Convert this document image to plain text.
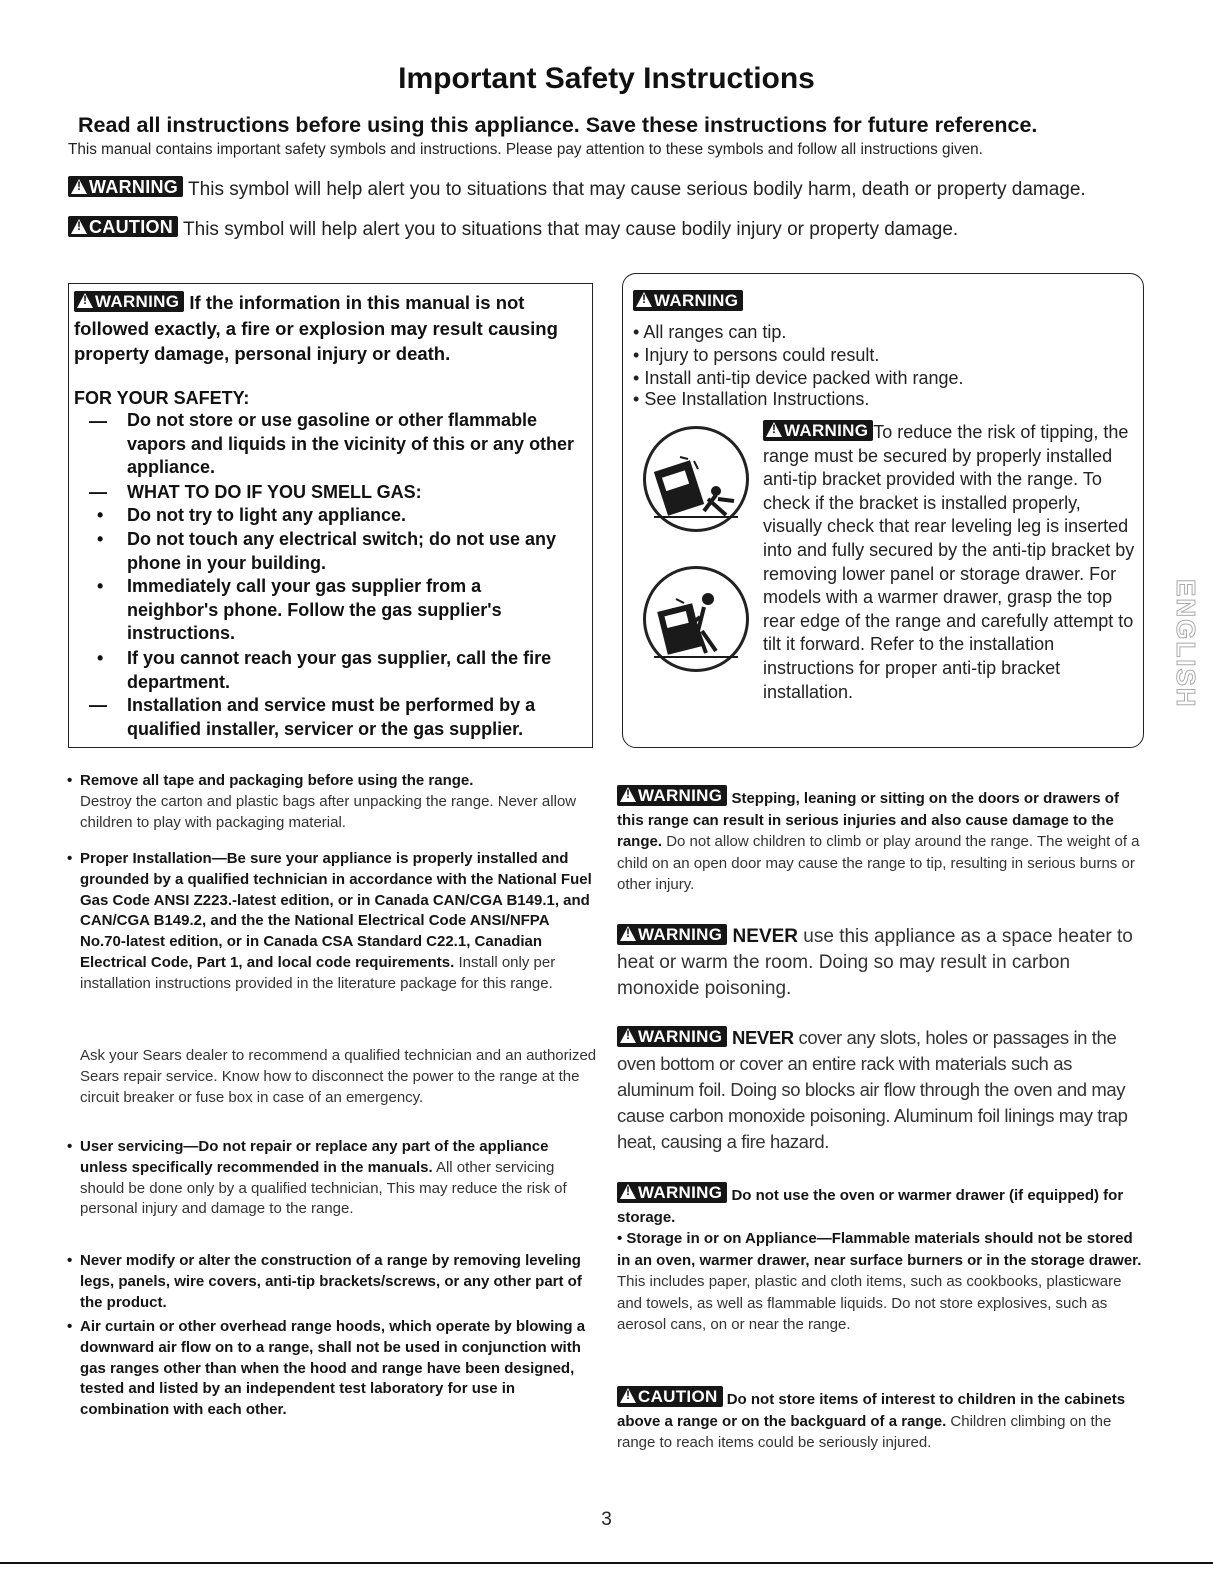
Important Safety Instructions
Read all instructions before using this appliance. Save these instructions for future reference.
This manual contains important safety symbols and instructions. Please pay attention to these symbols and follow all instructions given.
!WARNING This symbol will help alert you to situations that may cause serious bodily harm, death or property damage.
!CAUTION This symbol will help alert you to situations that may cause bodily injury or property damage.
!WARNING If the information in this manual is not followed exactly, a fire or explosion may result causing property damage, personal injury or death.
FOR YOUR SAFETY:
— Do not store or use gasoline or other flammable vapors and liquids in the vicinity of this or any other appliance.
— WHAT TO DO IF YOU SMELL GAS:
• Do not try to light any appliance.
• Do not touch any electrical switch; do not use any phone in your building.
• Immediately call your gas supplier from a neighbor's phone. Follow the gas supplier's instructions.
• If you cannot reach your gas supplier, call the fire department.
— Installation and service must be performed by a qualified installer, servicer or the gas supplier.
!WARNING
• All ranges can tip.
• Injury to persons could result.
• Install anti-tip device packed with range.
• See Installation Instructions.
!WARNING To reduce the risk of tipping, the range must be secured by properly installed anti-tip bracket provided with the range. To check if the bracket is installed properly, visually check that rear leveling leg is inserted into and fully secured by the anti-tip bracket by removing lower panel or storage drawer. For models with a warmer drawer, grasp the top rear edge of the range and carefully attempt to tilt it forward. Refer to the installation instructions for proper anti-tip bracket installation.	ENGLISH
• Remove all tape and packaging before using the range.
Destroy the carton and plastic bags after unpacking the range. Never allow children to play with packaging material.
• Proper Installation—Be sure your appliance is properly installed and grounded by a qualified technician in accordance with the National Fuel Gas Code ANSI Z223.-latest edition, or in Canada CAN/CGA B149.1, and CAN/CGA B149.2, and the the National Electrical Code ANSI/NFPA No.70-latest edition, or in Canada CSA Standard C22.1, Canadian Electrical Code, Part 1, and local code requirements. Install only per installation instructions provided in the literature package for this range.
Ask your Sears dealer to recommend a qualified technician and an authorized Sears repair service. Know how to disconnect the power to the range at the circuit breaker or fuse box in case of an emergency.
• User servicing—Do not repair or replace any part of the appliance unless specifically recommended in the manuals. All other servicing should be done only by a qualified technician, This may reduce the risk of personal injury and damage to the range.
• Never modify or alter the construction of a range by removing leveling legs, panels, wire covers, anti-tip brackets/screws, or any other part of the product.
• Air curtain or other overhead range hoods, which operate by blowing a downward air flow on to a range, shall not be used in conjunction with gas ranges other than when the hood and range have been designed, tested and listed by an independent test laboratory for use in combination with each other.
!WARNING Stepping, leaning or sitting on the doors or drawers of this range can result in serious injuries and also cause damage to the range. Do not allow children to climb or play around the range. The weight of a child on an open door may cause the range to tip, resulting in serious burns or other injury.
!WARNING NEVER use this appliance as a space heater to heat or warm the room. Doing so may result in carbon monoxide poisoning.
!WARNING NEVER cover any slots, holes or passages in the oven bottom or cover an entire rack with materials such as aluminum foil. Doing so blocks air flow through the oven and may cause carbon monoxide poisoning. Aluminum foil linings may trap heat, causing a fire hazard.
!WARNING Do not use the oven or warmer drawer (if equipped) for storage.
• Storage in or on Appliance—Flammable materials should not be stored in an oven, warmer drawer, near surface burners or in the storage drawer. This includes paper, plastic and cloth items, such as cookbooks, plasticware and towels, as well as flammable liquids. Do not store explosives, such as aerosol cans, on or near the range.
!CAUTION Do not store items of interest to children in the cabinets above a range or on the backguard of a range. Children climbing on the range to reach items could be seriously injured.
3
